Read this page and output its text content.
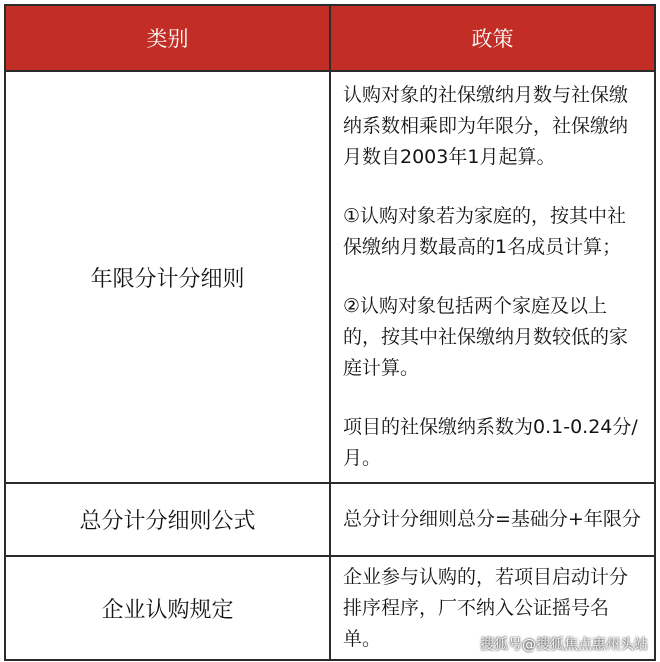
类别	政策
年限分计分细则	认购对象的社保缴纳月数与社保缴纳系数相乘即为年限分，社保缴纳月数自2003年1月起算。

①认购对象若为家庭的，按其中社保缴纳月数最高的1名成员计算；

②认购对象包括两个家庭及以上的，按其中社保缴纳月数较低的家庭计算。

项目的社保缴纳系数为0.1-0.24分/月。

总分计分细则公式	总分计分细则总分=基础分+年限分

企业认购规定	企业参与认购的，若项目启动计分排序程序，厂不纳入公证摇号名单。	搜狐号@搜狐焦点惠州头站
